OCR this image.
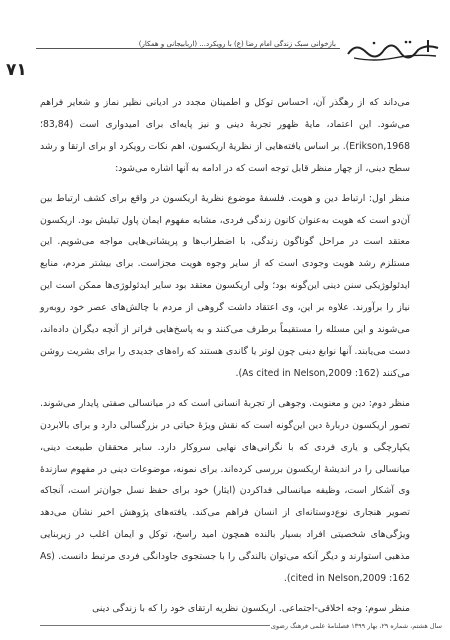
۷۱
بازخوانی سبک زندگی امام رضا (ع) با رویکرد... (اربابیجانی و همکار)

می‌داند که از رهگذر آن، احساس توکل و اطمینان مجدد در ادیانی نظیر نماز و شعایر فراهم می‌شود. این اعتماد، مایهٔ ظهور تجربهٔ دینی و نیز پایه‌ای برای امیدواری است (83,84؛ Erikson,1968). بر اساس یافته‌هایی از نظریهٔ اریکسون، اهم نکات رویکرد او برای ارتقا و رشد سطح دینی، از چهار منظر قابل توجه است که در ادامه به آنها اشاره می‌شود:

منظر اول: ارتباط دین و هویت. فلسفهٔ موضوع نظریهٔ اریکسون در واقع برای کشف ارتباط بین آن‌دو است که هویت به‌عنوان کانون زندگی فردی، مشابه مفهوم ایمان پاول تیلیش بود. اریکسون معتقد است در مراحل گوناگون زندگی، با اضطراب‌ها و پریشانی‌هایی مواجه می‌شویم. این مستلزم رشد هویت وجودی است که از سایر وجوه هویت مجزاست. برای بیشتر مردم، منابع ایدئولوژیکی سنن دینی این‌گونه بود؛ ولی اریکسون معتقد بود سایر ایدئولوژی‌ها ممکن است این نیاز را برآورند. علاوه بر این، وی اعتقاد داشت گروهی از مردم با چالش‌های عصر خود روبه‌رو می‌شوند و این مسئله را مستقیماً برطرف می‌کنند و به پاسخ‌هایی فراتر از آنچه دیگران داده‌اند، دست می‌یابند. آنها نوابغ دینی چون لوتر یا گاندی هستند که راه‌های جدیدی را برای بشریت روشن می‌کنند (As cited in Nelson,2009 :162).

منظر دوم: دین و معنویت. وجوهی از تجربهٔ انسانی است که در میانسالی صفتی پایدار می‌شوند. تصور اریکسون دربارهٔ دین این‌گونه است که نقش ویژهٔ حیاتی در بزرگسالی دارد و برای بالابردن یکپارچگی و یاری فردی که با نگرانی‌های نهایی سروکار دارد. سایر محققان طبیعت دینی، میانسالی را در اندیشهٔ اریکسون بررسی کرده‌اند. برای نمونه، موضوعات دینی در مفهوم سازندهٔ وی آشکار است، وظیفه میانسالی فداکردن (ایثار) خود برای حفظ نسل جوان‌تر است، آنجاکه تصویر هنجاری نوع‌دوستانه‌ای از انسان فراهم می‌کند. یافته‌های پژوهش اخیر نشان می‌دهد ویژگی‌های شخصیتی افراد بسیار بالنده همچون امید راسخ، توکل و ایمان اغلب در زیربنایی مذهبی استوارند و دیگر آنکه می‌توان بالندگی را با جستجوی جاودانگی فردی مرتبط دانست. (As cited in Nelson,2009 :162).

منظر سوم: وجه اخلاقی-اجتماعی. اریکسون نظریه ارتقای خود را که با زندگی دینی

سال هشتم، شماره ۲۹، بهار ۱۳۹۹ فصلنامهٔ علمی فرهنگ رضوی
